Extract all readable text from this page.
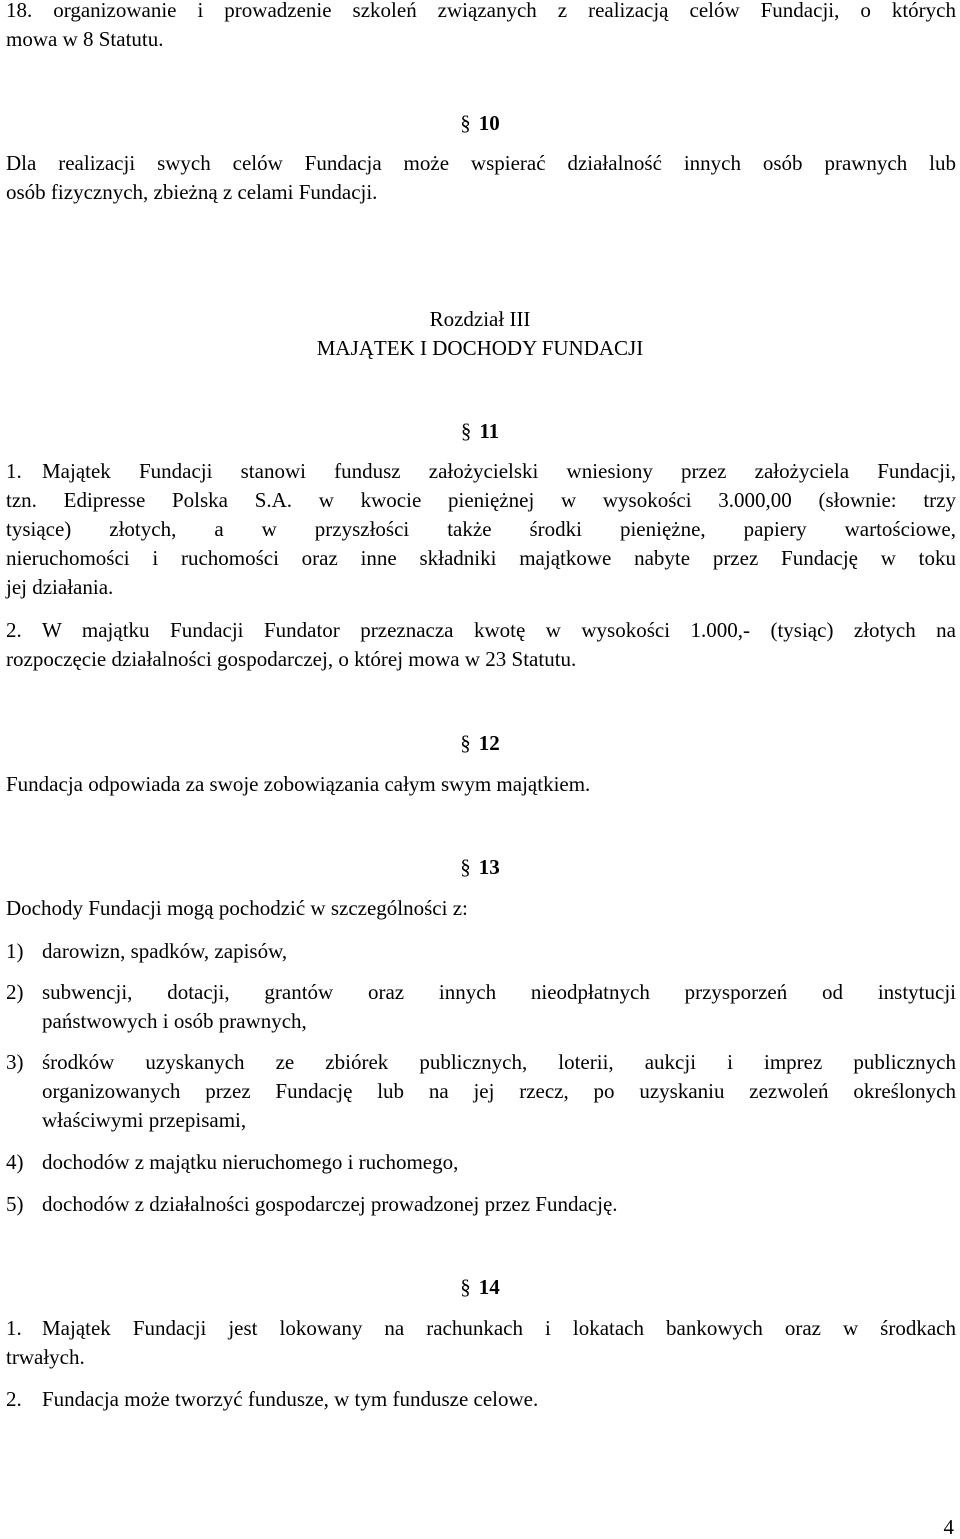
18. organizowanie i prowadzenie szkoleń związanych z realizacją celów Fundacji, o których
mowa w 8 Statutu.
§ 10
Dla realizacji swych celów Fundacja może wspierać działalność innych osób prawnych lub
osób fizycznych, zbieżną z celami Fundacji.
Rozdział III
MAJĄTEK I DOCHODY FUNDACJI
§ 11
1. Majątek Fundacji stanowi fundusz założycielski wniesiony przez założyciela Fundacji,
tzn. Edipresse Polska S.A. w kwocie pieniężnej w wysokości 3.000,00 (słownie: trzy
tysiące) złotych, a w przyszłości także środki pieniężne, papiery wartościowe,
nieruchomości i ruchomości oraz inne składniki majątkowe nabyte przez Fundację w toku
jej działania.
2. W majątku Fundacji Fundator przeznacza kwotę w wysokości 1.000,- (tysiąc) złotych na
rozpoczęcie działalności gospodarczej, o której mowa w 23 Statutu.
§ 12
Fundacja odpowiada za swoje zobowiązania całym swym majątkiem.
§ 13
Dochody Fundacji mogą pochodzić w szczególności z:
1) darowizn, spadków, zapisów,
2) subwencji, dotacji, grantów oraz innych nieodpłatnych przysporzeń od instytucji
państwowych i osób prawnych,
3) środków uzyskanych ze zbiórek publicznych, loterii, aukcji i imprez publicznych
organizowanych przez Fundację lub na jej rzecz, po uzyskaniu zezwoleń określonych
właściwymi przepisami,
4) dochodów z majątku nieruchomego i ruchomego,
5) dochodów z działalności gospodarczej prowadzonej przez Fundację.
§ 14
1. Majątek Fundacji jest lokowany na rachunkach i lokatach bankowych oraz w środkach
trwałych.
2. Fundacja może tworzyć fundusze, w tym fundusze celowe.
4
